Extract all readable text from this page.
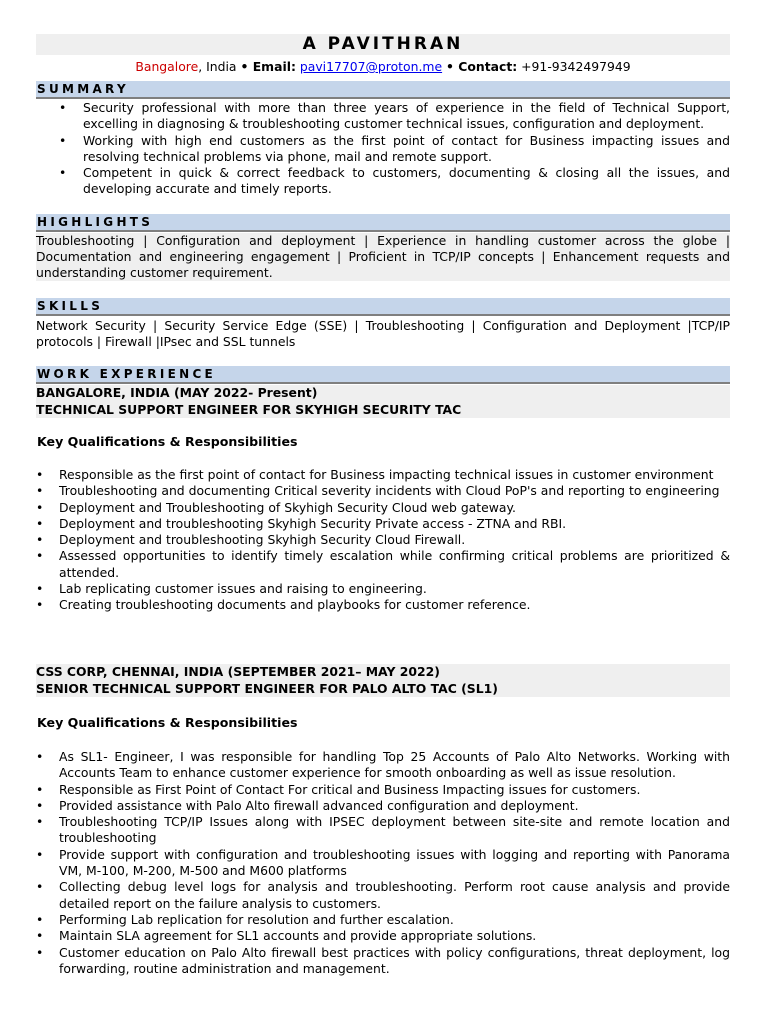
A PAVITHRAN
Bangalore, India • Email: pavi17707@proton.me • Contact: +91-9342497949
SUMMARY
• Security professional with more than three years of experience in the field of Technical Support, excelling in diagnosing & troubleshooting customer technical issues, configuration and deployment.
• Working with high end customers as the first point of contact for Business impacting issues and resolving technical problems via phone, mail and remote support.
• Competent in quick & correct feedback to customers, documenting & closing all the issues, and developing accurate and timely reports.
HIGHLIGHTS
Troubleshooting | Configuration and deployment | Experience in handling customer across the globe | Documentation and engineering engagement | Proficient in TCP/IP concepts | Enhancement requests and understanding customer requirement.
SKILLS
Network Security | Security Service Edge (SSE) | Troubleshooting | Configuration and Deployment |TCP/IP protocols | Firewall |IPsec and SSL tunnels
WORK EXPERIENCE
BANGALORE, INDIA (MAY 2022- Present)
TECHNICAL SUPPORT ENGINEER FOR SKYHIGH SECURITY TAC
Key Qualifications & Responsibilities
• Responsible as the first point of contact for Business impacting technical issues in customer environment
• Troubleshooting and documenting Critical severity incidents with Cloud PoP's and reporting to engineering
• Deployment and Troubleshooting of Skyhigh Security Cloud web gateway.
• Deployment and troubleshooting Skyhigh Security Private access - ZTNA and RBI.
• Deployment and troubleshooting Skyhigh Security Cloud Firewall.
• Assessed opportunities to identify timely escalation while confirming critical problems are prioritized & attended.
• Lab replicating customer issues and raising to engineering.
• Creating troubleshooting documents and playbooks for customer reference.
CSS CORP, CHENNAI, INDIA (SEPTEMBER 2021– MAY 2022)
SENIOR TECHNICAL SUPPORT ENGINEER FOR PALO ALTO TAC (SL1)
Key Qualifications & Responsibilities
• As SL1- Engineer, I was responsible for handling Top 25 Accounts of Palo Alto Networks. Working with Accounts Team to enhance customer experience for smooth onboarding as well as issue resolution.
• Responsible as First Point of Contact For critical and Business Impacting issues for customers.
• Provided assistance with Palo Alto firewall advanced configuration and deployment.
• Troubleshooting TCP/IP Issues along with IPSEC deployment between site-site and remote location and troubleshooting
• Provide support with configuration and troubleshooting issues with logging and reporting with Panorama VM, M-100, M-200, M-500 and M600 platforms
• Collecting debug level logs for analysis and troubleshooting. Perform root cause analysis and provide detailed report on the failure analysis to customers.
• Performing Lab replication for resolution and further escalation.
• Maintain SLA agreement for SL1 accounts and provide appropriate solutions.
• Customer education on Palo Alto firewall best practices with policy configurations, threat deployment, log forwarding, routine administration and management.
